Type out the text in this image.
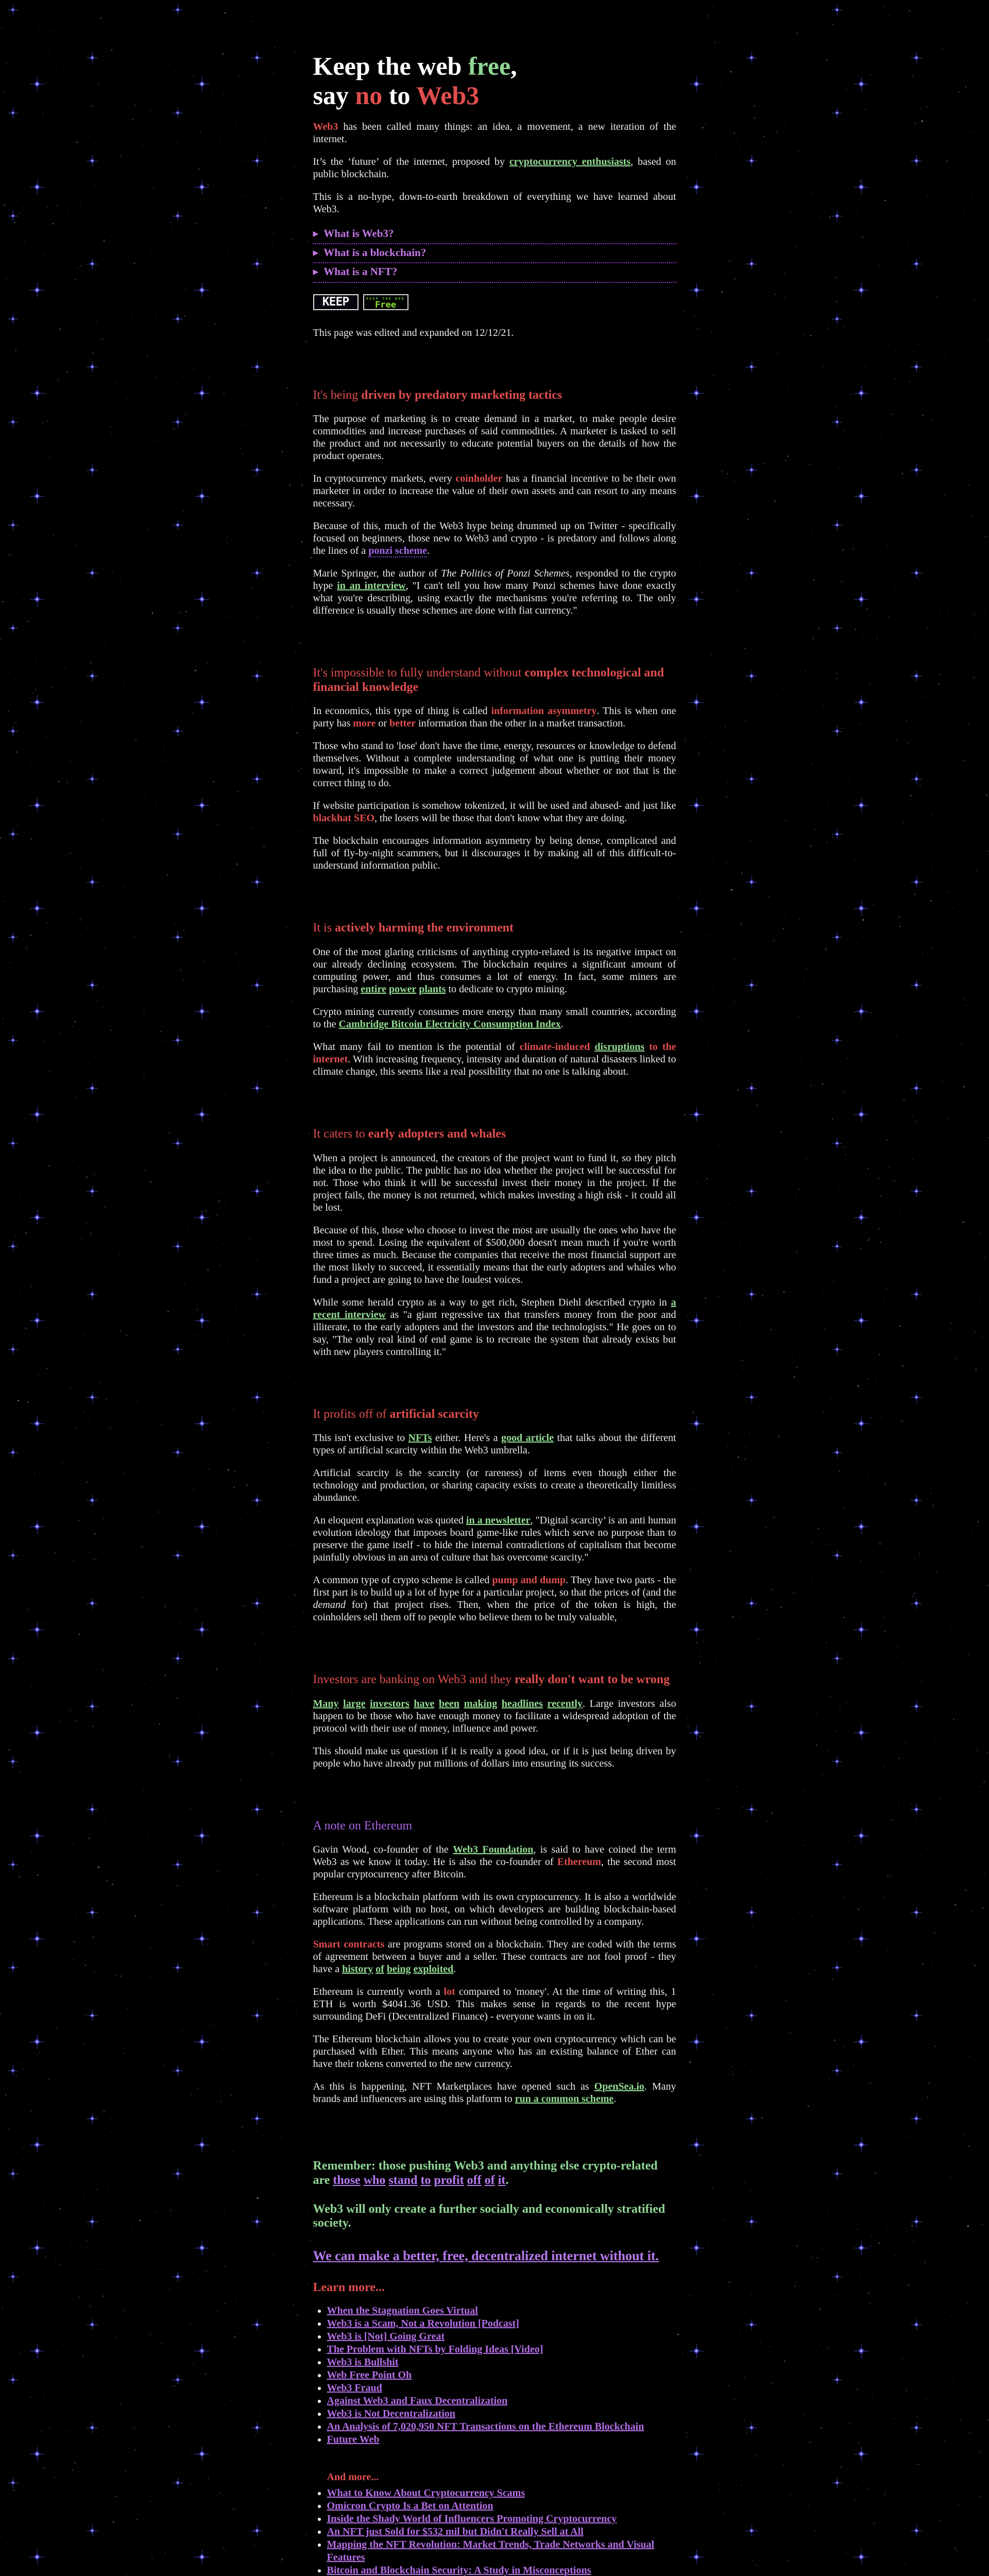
Keep the web free,
say no to Web3

Web3 has been called many things: an idea, a movement, a new iteration of the internet.

It’s the ‘future’ of the internet, proposed by cryptocurrency enthusiasts, based on public blockchain.

This is a no-hype, down-to-earth breakdown of everything we have learned about Web3.

▶ What is Web3?
▶ What is a blockchain?
▶ What is a NFT?
KEEP	KEEP THE WEB
Free

This page was edited and expanded on 12/12/21.

It's being driven by predatory marketing tactics

The purpose of marketing is to create demand in a market, to make people desire commodities and increase purchases of said commodities. A marketer is tasked to sell the product and not necessarily to educate potential buyers on the details of how the product operates.

In cryptocurrency markets, every coinholder has a financial incentive to be their own marketer in order to increase the value of their own assets and can resort to any means necessary.

Because of this, much of the Web3 hype being drummed up on Twitter - specifically focused on beginners, those new to Web3 and crypto - is predatory and follows along the lines of a ponzi scheme.

Marie Springer, the author of The Politics of Ponzi Schemes, responded to the crypto hype in an interview, "I can't tell you how many Ponzi schemes have done exactly what you're describing, using exactly the mechanisms you're referring to. The only difference is usually these schemes are done with fiat currency."

It's impossible to fully understand without complex technological and financial knowledge

In economics, this type of thing is called information asymmetry. This is when one party has more or better information than the other in a market transaction.

Those who stand to 'lose' don't have the time, energy, resources or knowledge to defend themselves. Without a complete understanding of what one is putting their money toward, it's impossible to make a correct judgement about whether or not that is the correct thing to do.

If website participation is somehow tokenized, it will be used and abused- and just like blackhat SEO, the losers will be those that don't know what they are doing.

The blockchain encourages information asymmetry by being dense, complicated and full of fly-by-night scammers, but it discourages it by making all of this difficult-to-understand information public.

It is actively harming the environment

One of the most glaring criticisms of anything crypto-related is its negative impact on our already declining ecosystem. The blockchain requires a significant amount of computing power, and thus consumes a lot of energy. In fact, some miners are purchasing entire power plants to dedicate to crypto mining.

Crypto mining currently consumes more energy than many small countries, according to the Cambridge Bitcoin Electricity Consumption Index.

What many fail to mention is the potential of climate-induced disruptions to the internet. With increasing frequency, intensity and duration of natural disasters linked to climate change, this seems like a real possibility that no one is talking about.

It caters to early adopters and whales

When a project is announced, the creators of the project want to fund it, so they pitch the idea to the public. The public has no idea whether the project will be successful for not. Those who think it will be successful invest their money in the project. If the project fails, the money is not returned, which makes investing a high risk - it could all be lost.

Because of this, those who choose to invest the most are usually the ones who have the most to spend. Losing the equivalent of $500,000 doesn't mean much if you're worth three times as much. Because the companies that receive the most financial support are the most likely to succeed, it essentially means that the early adopters and whales who fund a project are going to have the loudest voices.

While some herald crypto as a way to get rich, Stephen Diehl described crypto in a recent interview as "a giant regressive tax that transfers money from the poor and illiterate, to the early adopters and the investors and the technologists." He goes on to say, "The only real kind of end game is to recreate the system that already exists but with new players controlling it."

It profits off of artificial scarcity

This isn't exclusive to NFTs either. Here's a good article that talks about the different types of artificial scarcity within the Web3 umbrella.

Artificial scarcity is the scarcity (or rareness) of items even though either the technology and production, or sharing capacity exists to create a theoretically limitless abundance.

An eloquent explanation was quoted in a newsletter, "Digital scarcity’ is an anti human evolution ideology that imposes board game-like rules which serve no purpose than to preserve the game itself - to hide the internal contradictions of capitalism that become painfully obvious in an area of culture that has overcome scarcity."

A common type of crypto scheme is called pump and dump. They have two parts - the first part is to build up a lot of hype for a particular project, so that the prices of (and the demand for) that project rises. Then, when the price of the token is high, the coinholders sell them off to people who believe them to be truly valuable,

Investors are banking on Web3 and they really don't want to be wrong

Many large investors have been making headlines recently. Large investors also happen to be those who have enough money to facilitate a widespread adoption of the protocol with their use of money, influence and power.

This should make us question if it is really a good idea, or if it is just being driven by people who have already put millions of dollars into ensuring its success.

A note on Ethereum

Gavin Wood, co-founder of the Web3 Foundation, is said to have coined the term Web3 as we know it today. He is also the co-founder of Ethereum, the second most popular cryptocurrency after Bitcoin.

Ethereum is a blockchain platform with its own cryptocurrency. It is also a worldwide software platform with no host, on which developers are building blockchain-based applications. These applications can run without being controlled by a company.

Smart contracts are programs stored on a blockchain. They are coded with the terms of agreement between a buyer and a seller. These contracts are not fool proof - they have a history of being exploited.

Ethereum is currently worth a lot compared to 'money'. At the time of writing this, 1 ETH is worth $4041.36 USD. This makes sense in regards to the recent hype surrounding DeFi (Decentralized Finance) - everyone wants in on it.

The Ethereum blockchain allows you to create your own cryptocurrency which can be purchased with Ether. This means anyone who has an existing balance of Ether can have their tokens converted to the new currency.

As this is happening, NFT Marketplaces have opened such as OpenSea.io. Many brands and influencers are using this platform to run a common scheme.

Remember: those pushing Web3 and anything else crypto-related are those who stand to profit off of it.

Web3 will only create a further socially and economically stratified society.

We can make a better, free, decentralized internet without it.

Learn more...
• When the Stagnation Goes Virtual
• Web3 is a Scam, Not a Revolution [Podcast]
• Web3 is [Not] Going Great
• The Problem with NFTs by Folding Ideas [Video]
• Web3 is Bullshit
• Web Free Point Oh
• Web3 Fraud
• Against Web3 and Faux Decentralization
• Web3 is Not Decentralization
• An Analysis of 7,020,950 NFT Transactions on the Ethereum Blockchain
• Future Web
And more...
• What to Know About Cryptocurrency Scams
• Omicron Crypto Is a Bet on Attention
• Inside the Shady World of Influencers Promoting Cryptocurrency
• An NFT just Sold for $532 mil but Didn't Really Sell at All
• Mapping the NFT Revolution: Market Trends, Trade Networks and Visual Features
• Bitcoin and Blockchain Security: A Study in Misconceptions
